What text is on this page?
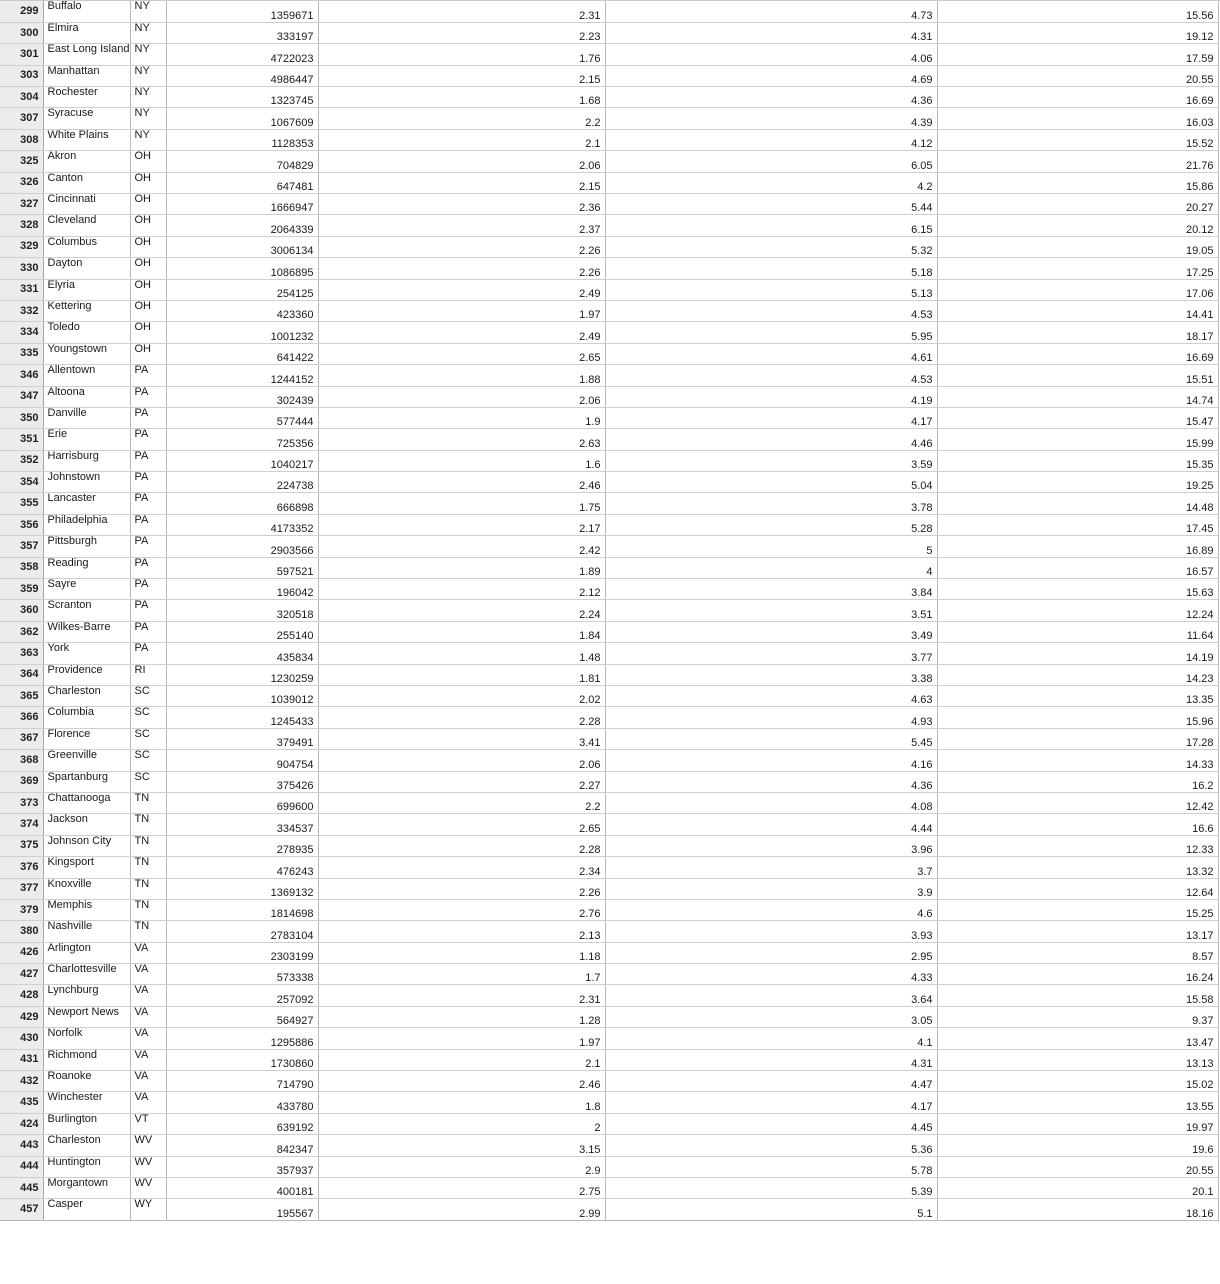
299	Buffalo	NY	1359671	2.31	4.73	15.56
300	Elmira	NY	333197	2.23	4.31	19.12
301	East Long Island	NY	4722023	1.76	4.06	17.59
303	Manhattan	NY	4986447	2.15	4.69	20.55
304	Rochester	NY	1323745	1.68	4.36	16.69
307	Syracuse	NY	1067609	2.2	4.39	16.03
308	White Plains	NY	1128353	2.1	4.12	15.52
325	Akron	OH	704829	2.06	6.05	21.76
326	Canton	OH	647481	2.15	4.2	15.86
327	Cincinnati	OH	1666947	2.36	5.44	20.27
328	Cleveland	OH	2064339	2.37	6.15	20.12
329	Columbus	OH	3006134	2.26	5.32	19.05
330	Dayton	OH	1086895	2.26	5.18	17.25
331	Elyria	OH	254125	2.49	5.13	17.06
332	Kettering	OH	423360	1.97	4.53	14.41
334	Toledo	OH	1001232	2.49	5.95	18.17
335	Youngstown	OH	641422	2.65	4.61	16.69
346	Allentown	PA	1244152	1.88	4.53	15.51
347	Altoona	PA	302439	2.06	4.19	14.74
350	Danville	PA	577444	1.9	4.17	15.47
351	Erie	PA	725356	2.63	4.46	15.99
352	Harrisburg	PA	1040217	1.6	3.59	15.35
354	Johnstown	PA	224738	2.46	5.04	19.25
355	Lancaster	PA	666898	1.75	3.78	14.48
356	Philadelphia	PA	4173352	2.17	5.28	17.45
357	Pittsburgh	PA	2903566	2.42	5	16.89
358	Reading	PA	597521	1.89	4	16.57
359	Sayre	PA	196042	2.12	3.84	15.63
360	Scranton	PA	320518	2.24	3.51	12.24
362	Wilkes-Barre	PA	255140	1.84	3.49	11.64
363	York	PA	435834	1.48	3.77	14.19
364	Providence	RI	1230259	1.81	3.38	14.23
365	Charleston	SC	1039012	2.02	4.63	13.35
366	Columbia	SC	1245433	2.28	4.93	15.96
367	Florence	SC	379491	3.41	5.45	17.28
368	Greenville	SC	904754	2.06	4.16	14.33
369	Spartanburg	SC	375426	2.27	4.36	16.2
373	Chattanooga	TN	699600	2.2	4.08	12.42
374	Jackson	TN	334537	2.65	4.44	16.6
375	Johnson City	TN	278935	2.28	3.96	12.33
376	Kingsport	TN	476243	2.34	3.7	13.32
377	Knoxville	TN	1369132	2.26	3.9	12.64
379	Memphis	TN	1814698	2.76	4.6	15.25
380	Nashville	TN	2783104	2.13	3.93	13.17
426	Arlington	VA	2303199	1.18	2.95	8.57
427	Charlottesville	VA	573338	1.7	4.33	16.24
428	Lynchburg	VA	257092	2.31	3.64	15.58
429	Newport News	VA	564927	1.28	3.05	9.37
430	Norfolk	VA	1295886	1.97	4.1	13.47
431	Richmond	VA	1730860	2.1	4.31	13.13
432	Roanoke	VA	714790	2.46	4.47	15.02
435	Winchester	VA	433780	1.8	4.17	13.55
424	Burlington	VT	639192	2	4.45	19.97
443	Charleston	WV	842347	3.15	5.36	19.6
444	Huntington	WV	357937	2.9	5.78	20.55
445	Morgantown	WV	400181	2.75	5.39	20.1
457	Casper	WY	195567	2.99	5.1	18.16
